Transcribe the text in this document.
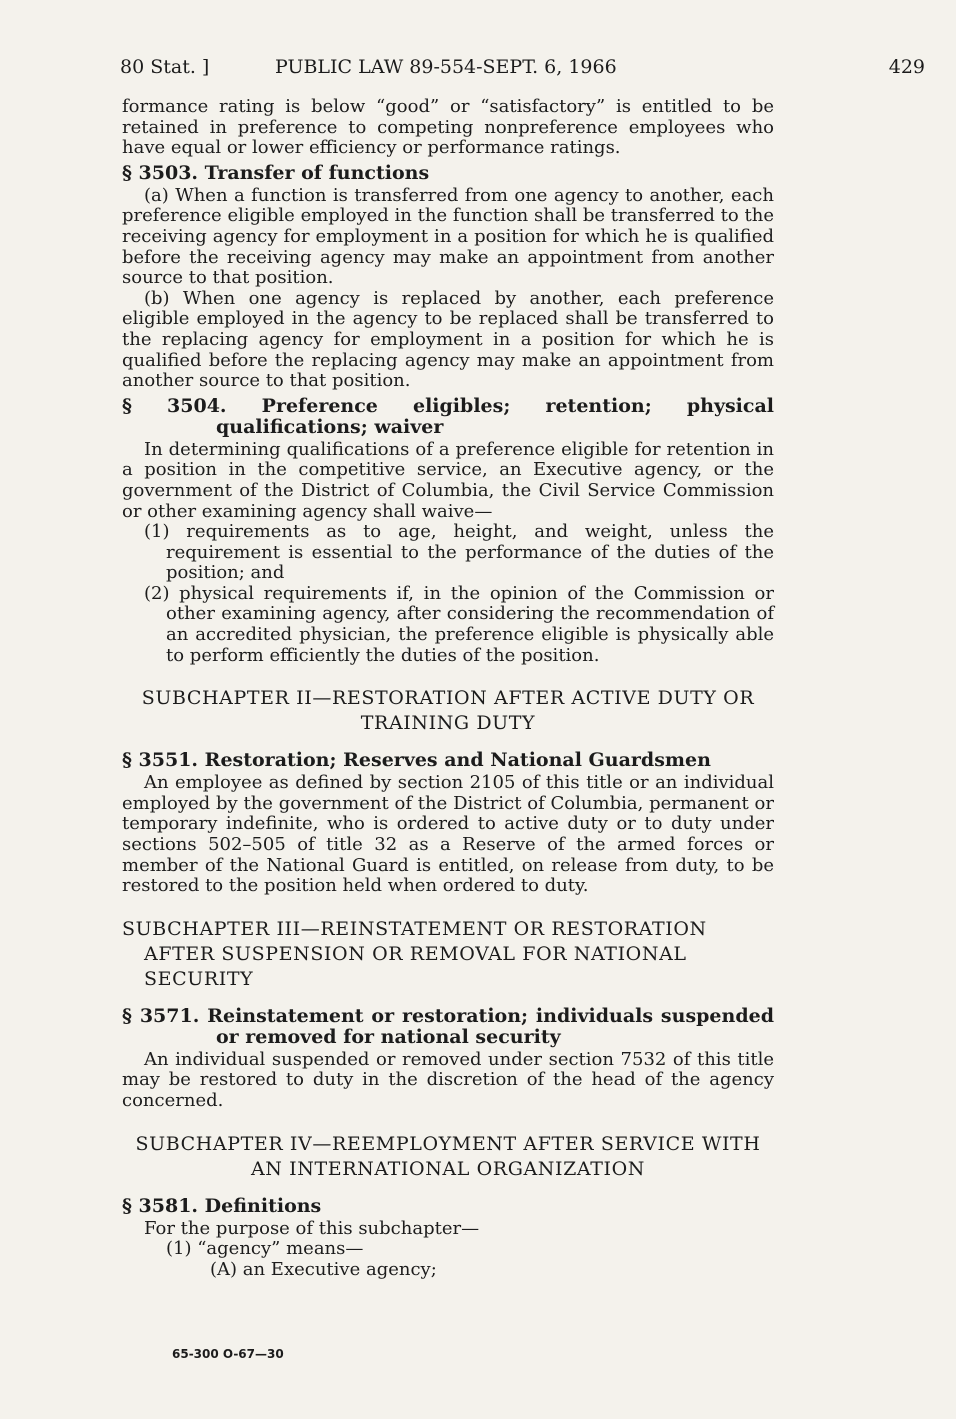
80 Stat. ]	PUBLIC LAW 89-554-SEPT. 6, 1966	429

formance rating is below “good” or “satisfactory” is entitled to be retained in preference to competing nonpreference employees who have equal or lower efficiency or performance ratings.

§ 3503. Transfer of functions

(a) When a function is transferred from one agency to another, each preference eligible employed in the function shall be transferred to the receiving agency for employment in a position for which he is qualified before the receiving agency may make an appointment from another source to that position.

(b) When one agency is replaced by another, each preference eligible employed in the agency to be replaced shall be transferred to the replacing agency for employment in a position for which he is qualified before the replacing agency may make an appointment from another source to that position.

§ 3504. Preference eligibles; retention; physical qualifications; waiver

In determining qualifications of a preference eligible for retention in a position in the competitive service, an Executive agency, or the government of the District of Columbia, the Civil Service Commission or other examining agency shall waive—

(1) requirements as to age, height, and weight, unless the requirement is essential to the performance of the duties of the position; and

(2) physical requirements if, in the opinion of the Commission or other examining agency, after considering the recommendation of an accredited physician, the preference eligible is physically able to perform efficiently the duties of the position.

SUBCHAPTER II—RESTORATION AFTER ACTIVE DUTY OR TRAINING DUTY

§ 3551. Restoration; Reserves and National Guardsmen

An employee as defined by section 2105 of this title or an individual employed by the government of the District of Columbia, permanent or temporary indefinite, who is ordered to active duty or to duty under sections 502–505 of title 32 as a Reserve of the armed forces or member of the National Guard is entitled, on release from duty, to be restored to the position held when ordered to duty.

SUBCHAPTER III—REINSTATEMENT OR RESTORATION AFTER SUSPENSION OR REMOVAL FOR NATIONAL SECURITY

§ 3571. Reinstatement or restoration; individuals suspended or removed for national security

An individual suspended or removed under section 7532 of this title may be restored to duty in the discretion of the head of the agency concerned.

SUBCHAPTER IV—REEMPLOYMENT AFTER SERVICE WITH AN INTERNATIONAL ORGANIZATION

§ 3581. Definitions

For the purpose of this subchapter—

(1) “agency” means—

(A) an Executive agency;

65-300 O-67—30
